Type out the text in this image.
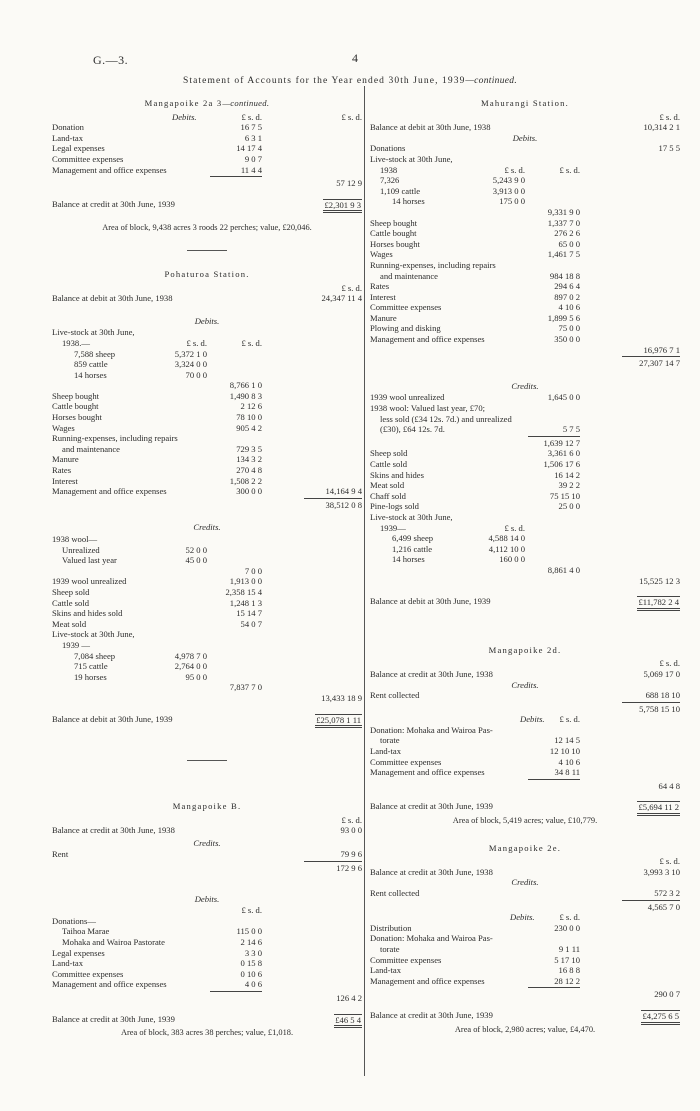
G.—3.	4
Statement of Accounts for the Year ended 30th June, 1939—continued.
Mangapoike 2a 3—continued.
Debits.	£ s. d.	£ s. d.
Donation	16 7 5
Land-tax	6 3 1
Legal expenses	14 17 4
Committee expenses	9 0 7
Management and office expenses	11 4 4
57 12 9
Balance at credit at 30th June, 1939	£2,301 9 3
Area of block, 9,438 acres 3 roods 22 perches; value, £20,046.
Pohaturoa Station.
£ s. d.
Balance at debit at 30th June, 1938	24,347 11 4
Debits.
Live-stock at 30th June,
1938.—	£ s. d.	£ s. d.
7,588 sheep	5,372 1 0
859 cattle	3,324 0 0
14 horses	70 0 0
8,766 1 0
Sheep bought	1,490 8 3
Cattle bought	2 12 6
Horses bought	78 10 0
Wages	905 4 2
Running-expenses, including repairs
and maintenance	729 3 5
Manure	134 3 2
Rates	270 4 8
Interest	1,508 2 2
Management and office expenses	300 0 0	14,164 9 4
38,512 0 8
Credits.
1938 wool—
Unrealized	52 0 0
Valued last year	45 0 0
7 0 0
1939 wool unrealized	1,913 0 0
Sheep sold	2,358 15 4
Cattle sold	1,248 1 3
Skins and hides sold	15 14 7
Meat sold	54 0 7
Live-stock at 30th June,
1939 —
7,084 sheep	4,978 7 0
715 cattle	2,764 0 0
19 horses	95 0 0
7,837 7 0
13,433 18 9
Balance at debit at 30th June, 1939	£25,078 1 11
Mangapoike B.
£ s. d.
Balance at credit at 30th June, 1938	93 0 0
Credits.
Rent	79 9 6
172 9 6
Debits.
£ s. d.
Donations—
Taihoa Marae	115 0 0
Mohaka and Wairoa Pastorate	2 14 6
Legal expenses	3 3 0
Land-tax	0 15 8
Committee expenses	0 10 6
Management and office expenses	4 0 6
126 4 2
Balance at credit at 30th June, 1939	£46 5 4
Area of block, 383 acres 38 perches; value, £1,018.
Mahurangi Station.
£ s. d.
Balance at debit at 30th June, 1938	10,314 2 1
Debits.
Donations	17 5 5
Live-stock at 30th June,
1938	£ s. d.	£ s. d.
7,326	5,243 9 0
1,109 cattle	3,913 0 0
14 horses	175 0 0
9,331 9 0
Sheep bought	1,337 7 0
Cattle bought	276 2 6
Horses bought	65 0 0
Wages	1,461 7 5
Running-expenses, including repairs
and maintenance	984 18 8
Rates	294 6 4
Interest	897 0 2
Committee expenses	4 10 6
Manure	1,899 5 6
Plowing and disking	75 0 0
Management and office expenses	350 0 0
16,976 7 1
27,307 14 7
Credits.
1939 wool unrealized	1,645 0 0
1938 wool: Valued last year, £70;
less sold (£34 12s. 7d.) and unrealized
(£30), £64 12s. 7d.	5 7 5
1,639 12 7
Sheep sold	3,361 6 0
Cattle sold	1,506 17 6
Skins and hides	16 14 2
Meat sold	39 2 2
Chaff sold	75 15 10
Pine-logs sold	25 0 0
Live-stock at 30th June,
1939—	£ s. d.
6,499 sheep	4,588 14 0
1,216 cattle	4,112 10 0
14 horses	160 0 0
8,861 4 0
15,525 12 3
Balance at debit at 30th June, 1939	£11,782 2 4
Mangapoike 2d.
£ s. d.
Balance at credit at 30th June, 1938	5,069 17 0
Credits.
Rent collected	688 18 10
5,758 15 10
Debits. £ s. d.
Donation: Mohaka and Wairoa Pas-
torate	12 14 5
Land-tax	12 10 10
Committee expenses	4 10 6
Management and office expenses	34 8 11
64 4 8
Balance at credit at 30th June, 1939	£5,694 11 2
Area of block, 5,419 acres; value, £10,779.
Mangapoike 2e.
£ s. d.
Balance at credit at 30th June, 1938	3,993 3 10
Credits.
Rent collected	572 3 2
4,565 7 0
Debits.	£ s. d.
Distribution	230 0 0
Donation: Mohaka and Wairoa Pas-
torate	9 1 11
Committee expenses	5 17 10
Land-tax	16 8 8
Management and office expenses	28 12 2
290 0 7
Balance at credit at 30th June, 1939	£4,275 6 5
Area of block, 2,980 acres; value, £4,470.
